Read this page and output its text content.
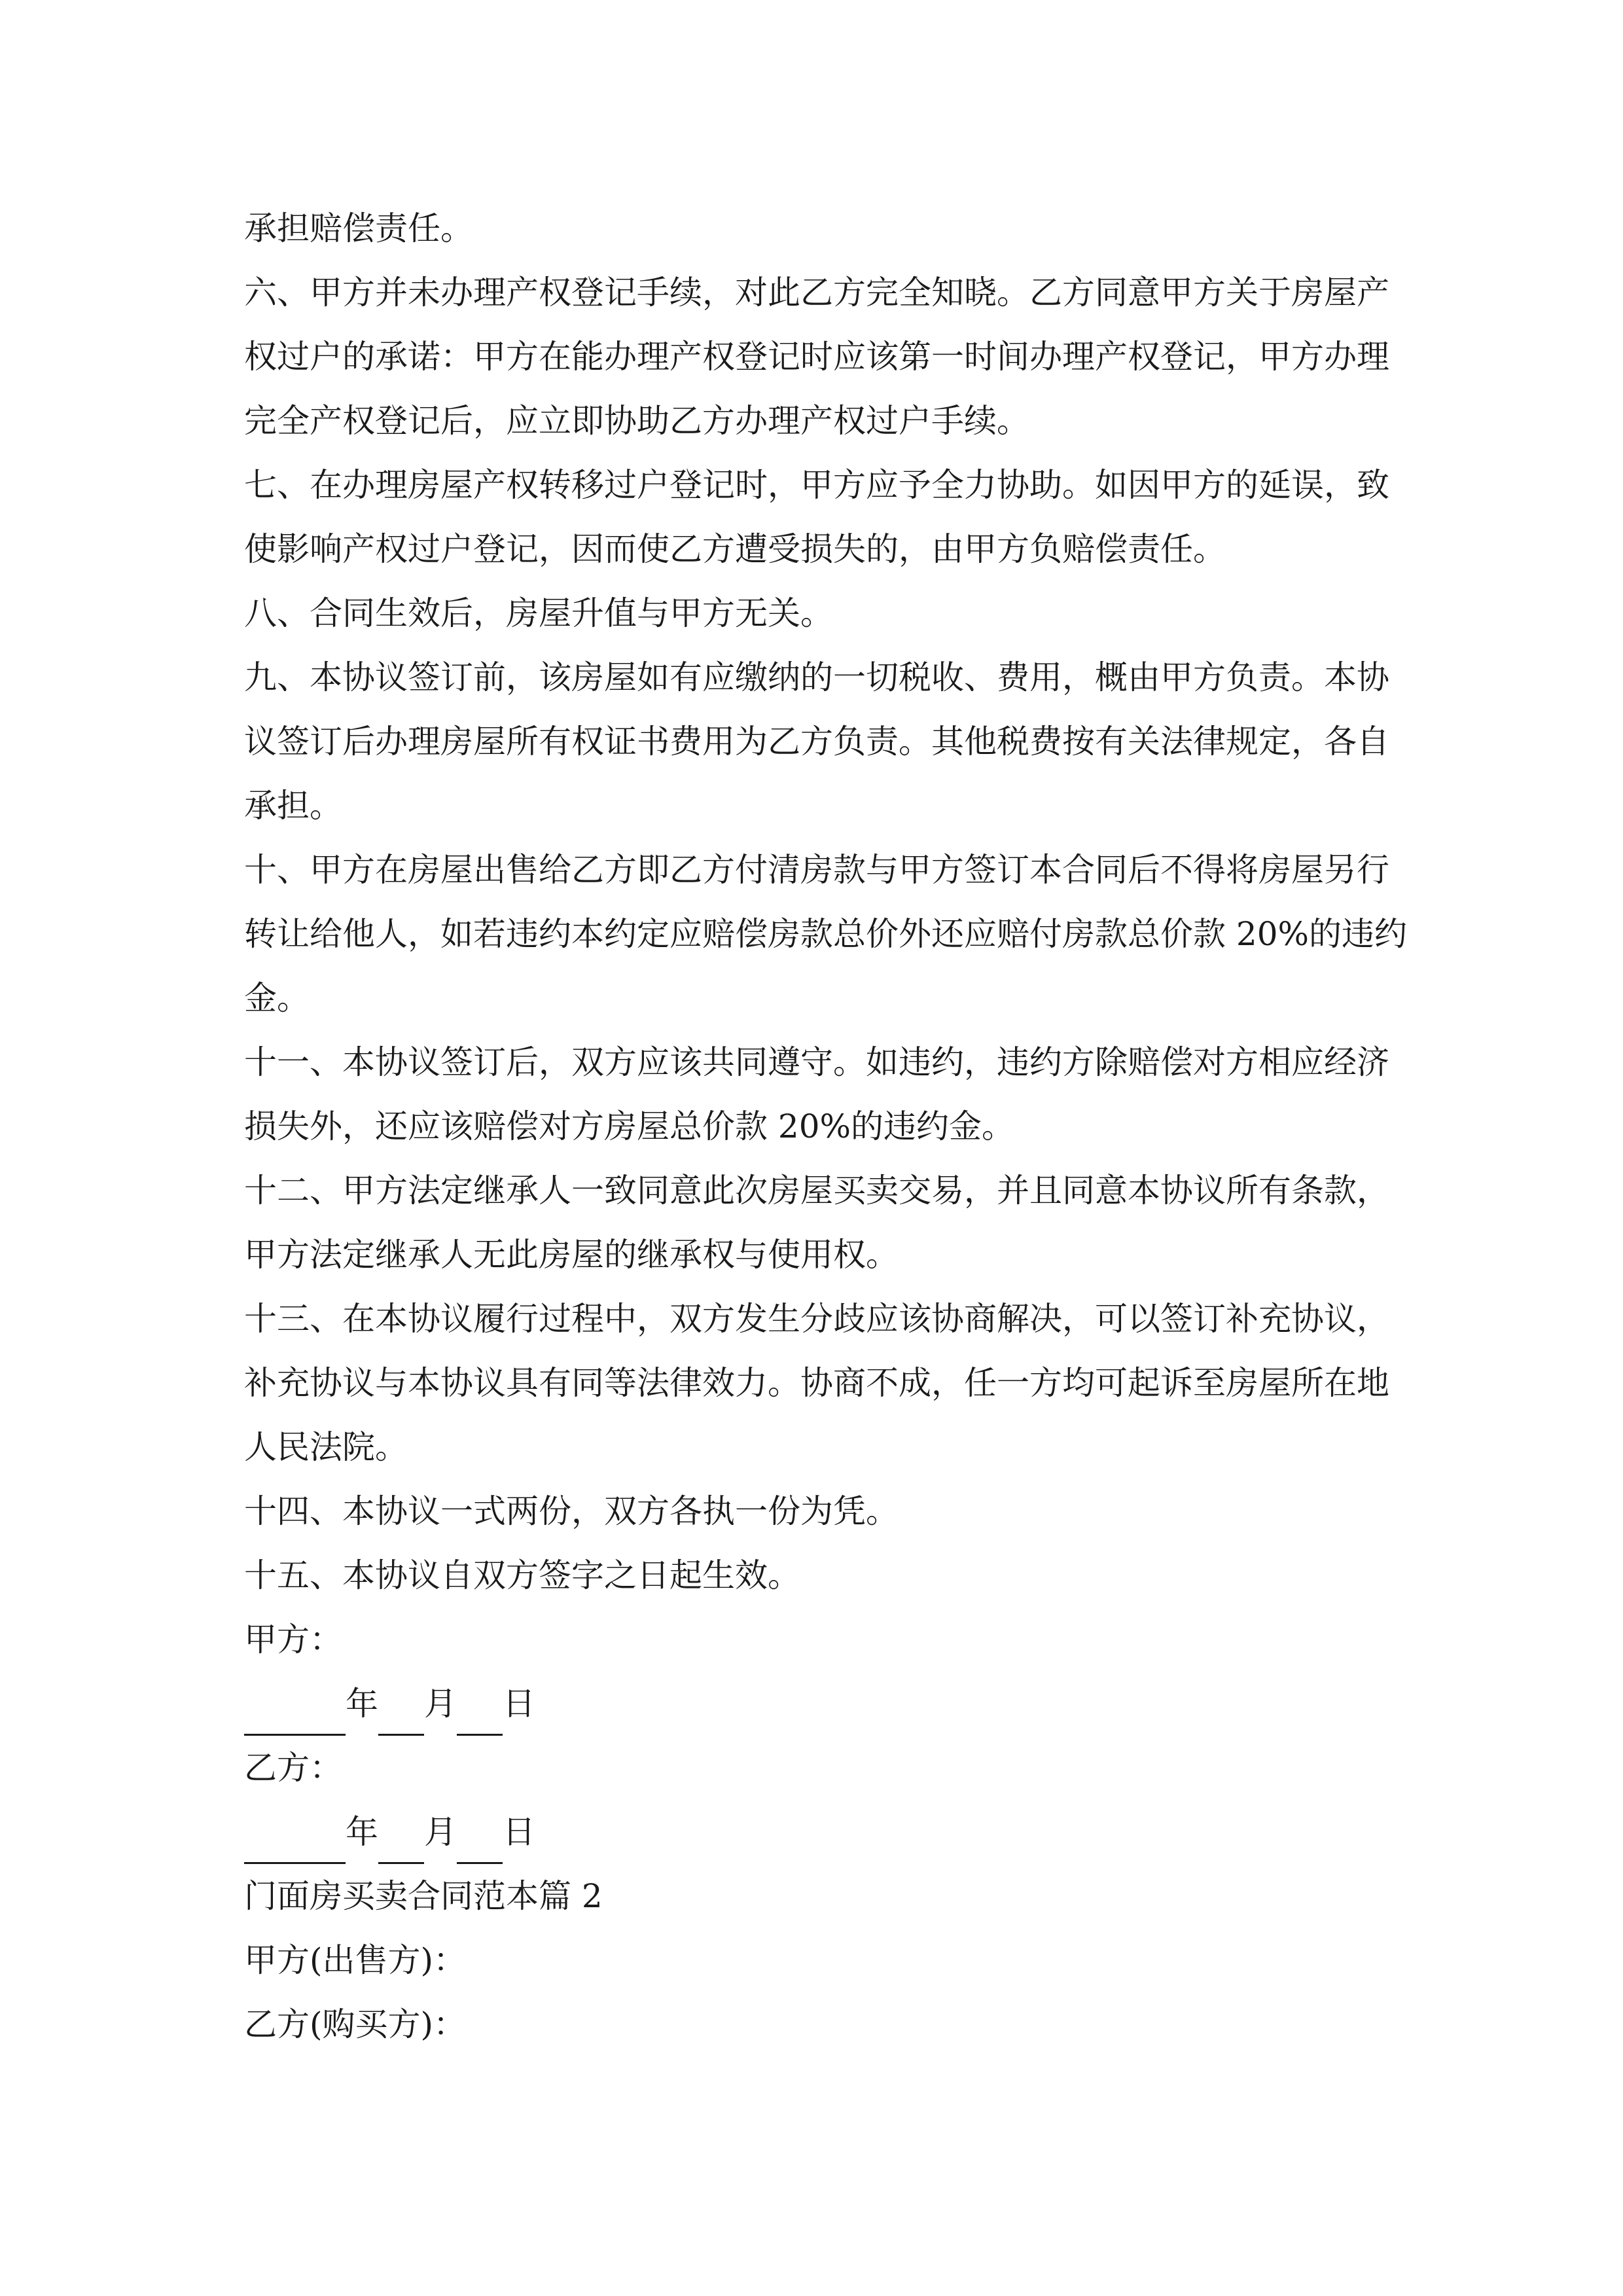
承担赔偿责任。

六、甲方并未办理产权登记手续，对此乙方完全知晓。乙方同意甲方关于房屋产

权过户的承诺：甲方在能办理产权登记时应该第一时间办理产权登记，甲方办理

完全产权登记后，应立即协助乙方办理产权过户手续。

七、在办理房屋产权转移过户登记时，甲方应予全力协助。如因甲方的延误，致

使影响产权过户登记，因而使乙方遭受损失的，由甲方负赔偿责任。

八、合同生效后，房屋升值与甲方无关。

九、本协议签订前，该房屋如有应缴纳的一切税收、费用，概由甲方负责。本协

议签订后办理房屋所有权证书费用为乙方负责。其他税费按有关法律规定，各自

承担。

十、甲方在房屋出售给乙方即乙方付清房款与甲方签订本合同后不得将房屋另行

转让给他人，如若违约本约定应赔偿房款总价外还应赔付房款总价款 20%的违约

金。

十一、本协议签订后，双方应该共同遵守。如违约，违约方除赔偿对方相应经济

损失外，还应该赔偿对方房屋总价款 20%的违约金。

十二、甲方法定继承人一致同意此次房屋买卖交易，并且同意本协议所有条款，

甲方法定继承人无此房屋的继承权与使用权。

十三、在本协议履行过程中，双方发生分歧应该协商解决，可以签订补充协议，

补充协议与本协议具有同等法律效力。协商不成，任一方均可起诉至房屋所在地

人民法院。

十四、本协议一式两份，双方各执一份为凭。

十五、本协议自双方签字之日起生效。

甲方：

年 月 日

乙方：

年 月 日

门面房买卖合同范本篇 2

甲方(出售方)：

乙方(购买方)：
